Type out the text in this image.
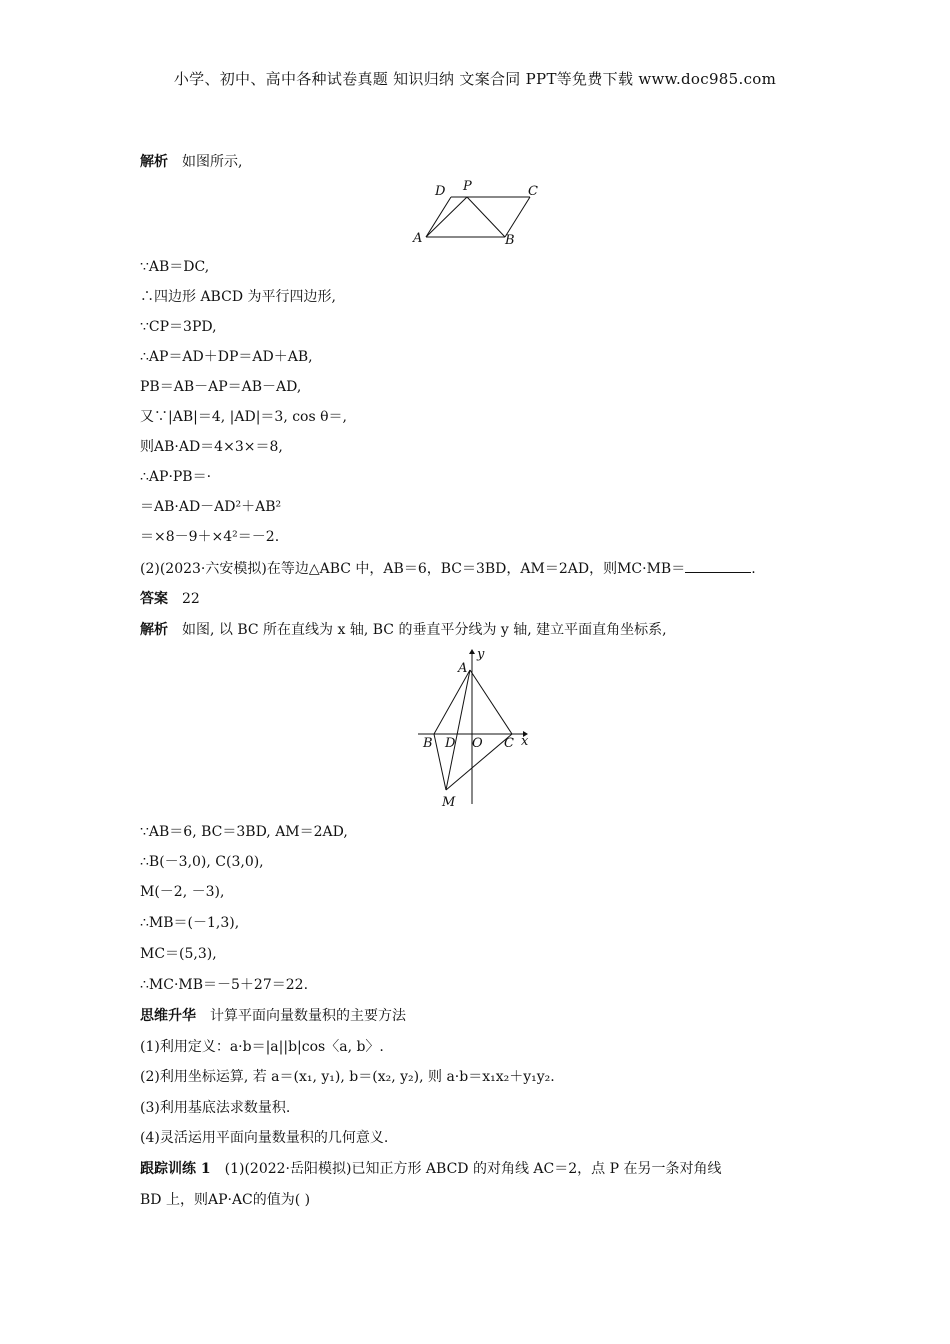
小学、初中、高中各种试卷真题 知识归纳 文案合同 PPT等免费下载 www.doc985.com
解析 如图所示,
D P	C
A	B
∵AB＝DC,
∴四边形 ABCD 为平行四边形,
∵CP＝3PD,
∴AP＝AD＋DP＝AD＋AB,
PB＝AB－AP＝AB－AD,
又∵|AB|＝4, |AD|＝3, cos θ＝,
则AB·AD＝4×3×＝8,
∴AP·PB＝·
＝AB·AD－AD²＋AB²
＝×8－9＋×4²＝－2.
(2)(2023·六安模拟)在等边△ABC 中，AB＝6，BC＝3BD，AM＝2AD，则MC·MB＝	.
答案 22
解析 如图, 以 BC 所在直线为 x 轴, BC 的垂直平分线为 y 轴, 建立平面直角坐标系,
A
y
B D O C x
M
∵AB＝6, BC＝3BD, AM＝2AD,
∴B(－3,0), C(3,0),
M(－2, －3),
∴MB＝(－1,3),
MC＝(5,3),
∴MC·MB＝－5＋27＝22.
思维升华 计算平面向量数量积的主要方法
(1)利用定义：a·b＝|a||b|cos〈a, b〉.
(2)利用坐标运算, 若 a＝(x₁, y₁), b＝(x₂, y₂), 则 a·b＝x₁x₂＋y₁y₂.
(3)利用基底法求数量积.
(4)灵活运用平面向量数量积的几何意义.
跟踪训练 1 (1)(2022·岳阳模拟)已知正方形 ABCD 的对角线 AC＝2，点 P 在另一条对角线
BD 上，则AP·AC的值为( )
